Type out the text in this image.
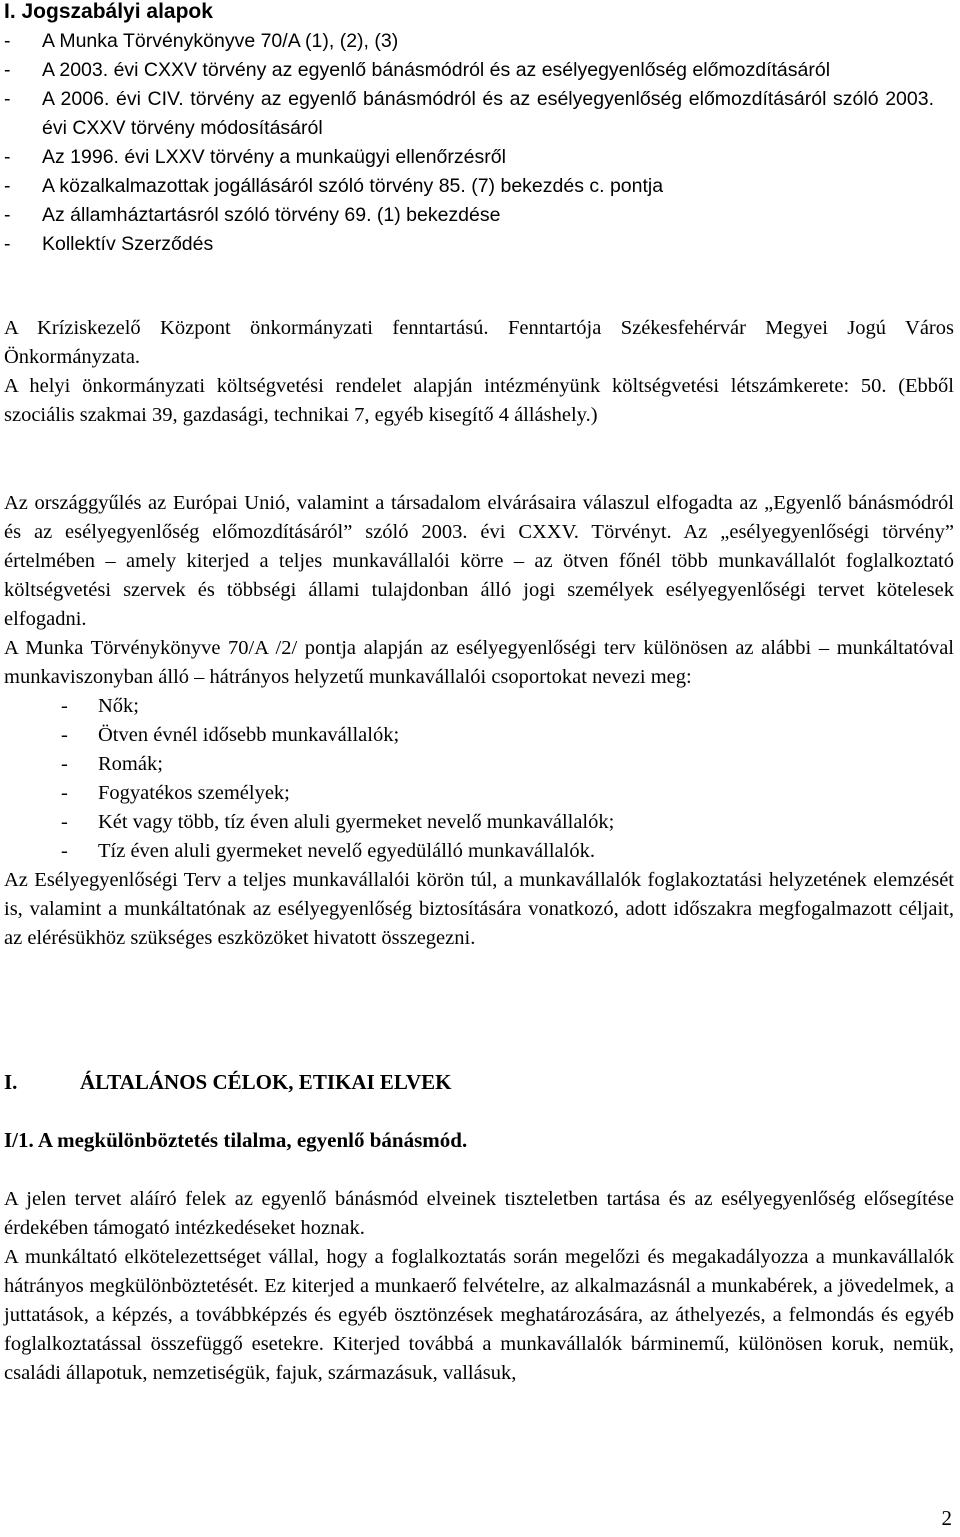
I. Jogszabályi alapok
- A Munka Törvénykönyve 70/A (1), (2), (3)
- A 2003. évi CXXV törvény az egyenlő bánásmódról és az esélyegyenlőség előmozdításáról
- A 2006. évi CIV. törvény az egyenlő bánásmódról és az esélyegyenlőség előmozdításáról szóló 2003. évi CXXV törvény módosításáról
- Az 1996. évi LXXV törvény a munkaügyi ellenőrzésről
- A közalkalmazottak jogállásáról szóló törvény 85. (7) bekezdés c. pontja
- Az államháztartásról szóló törvény 69. (1) bekezdése
- Kollektív Szerződés

A Kríziskezelő Központ önkormányzati fenntartású. Fenntartója Székesfehérvár Megyei Jogú Város Önkormányzata.

A helyi önkormányzati költségvetési rendelet alapján intézményünk költségvetési létszámkerete: 50. (Ebből szociális szakmai 39, gazdasági, technikai 7, egyéb kisegítő 4 álláshely.)

Az országgyűlés az Európai Unió, valamint a társadalom elvárásaira válaszul elfogadta az „Egyenlő bánásmódról és az esélyegyenlőség előmozdításáról” szóló 2003. évi CXXV. Törvényt. Az „esélyegyenlőségi törvény” értelmében – amely kiterjed a teljes munkavállalói körre – az ötven főnél több munkavállalót foglalkoztató költségvetési szervek és többségi állami tulajdonban álló jogi személyek esélyegyenlőségi tervet kötelesek elfogadni.

A Munka Törvénykönyve 70/A /2/ pontja alapján az esélyegyenlőségi terv különösen az alábbi – munkáltatóval munkaviszonyban álló – hátrányos helyzetű munkavállalói csoportokat nevezi meg:

- Nők;
- Ötven évnél idősebb munkavállalók;
- Romák;
- Fogyatékos személyek;
- Két vagy több, tíz éven aluli gyermeket nevelő munkavállalók;
- Tíz éven aluli gyermeket nevelő egyedülálló munkavállalók.

Az Esélyegyenlőségi Terv a teljes munkavállalói körön túl, a munkavállalók foglakoztatási helyzetének elemzését is, valamint a munkáltatónak az esélyegyenlőség biztosítására vonatkozó, adott időszakra megfogalmazott céljait, az elérésükhöz szükséges eszközöket hivatott összegezni.

I.	ÁLTALÁNOS CÉLOK, ETIKAI ELVEK
I/1. A megkülönböztetés tilalma, egyenlő bánásmód.

A jelen tervet aláíró felek az egyenlő bánásmód elveinek tiszteletben tartása és az esélyegyenlőség elősegítése érdekében támogató intézkedéseket hoznak.

A munkáltató elkötelezettséget vállal, hogy a foglalkoztatás során megelőzi és megakadályozza a munkavállalók hátrányos megkülönböztetését. Ez kiterjed a munkaerő felvételre, az alkalmazásnál a munkabérek, a jövedelmek, a juttatások, a képzés, a továbbképzés és egyéb ösztönzések meghatározására, az áthelyezés, a felmondás és egyéb foglalkoztatással összefüggő esetekre. Kiterjed továbbá a munkavállalók bárminemű, különösen koruk, nemük, családi állapotuk, nemzetiségük, fajuk, származásuk, vallásuk,

2
